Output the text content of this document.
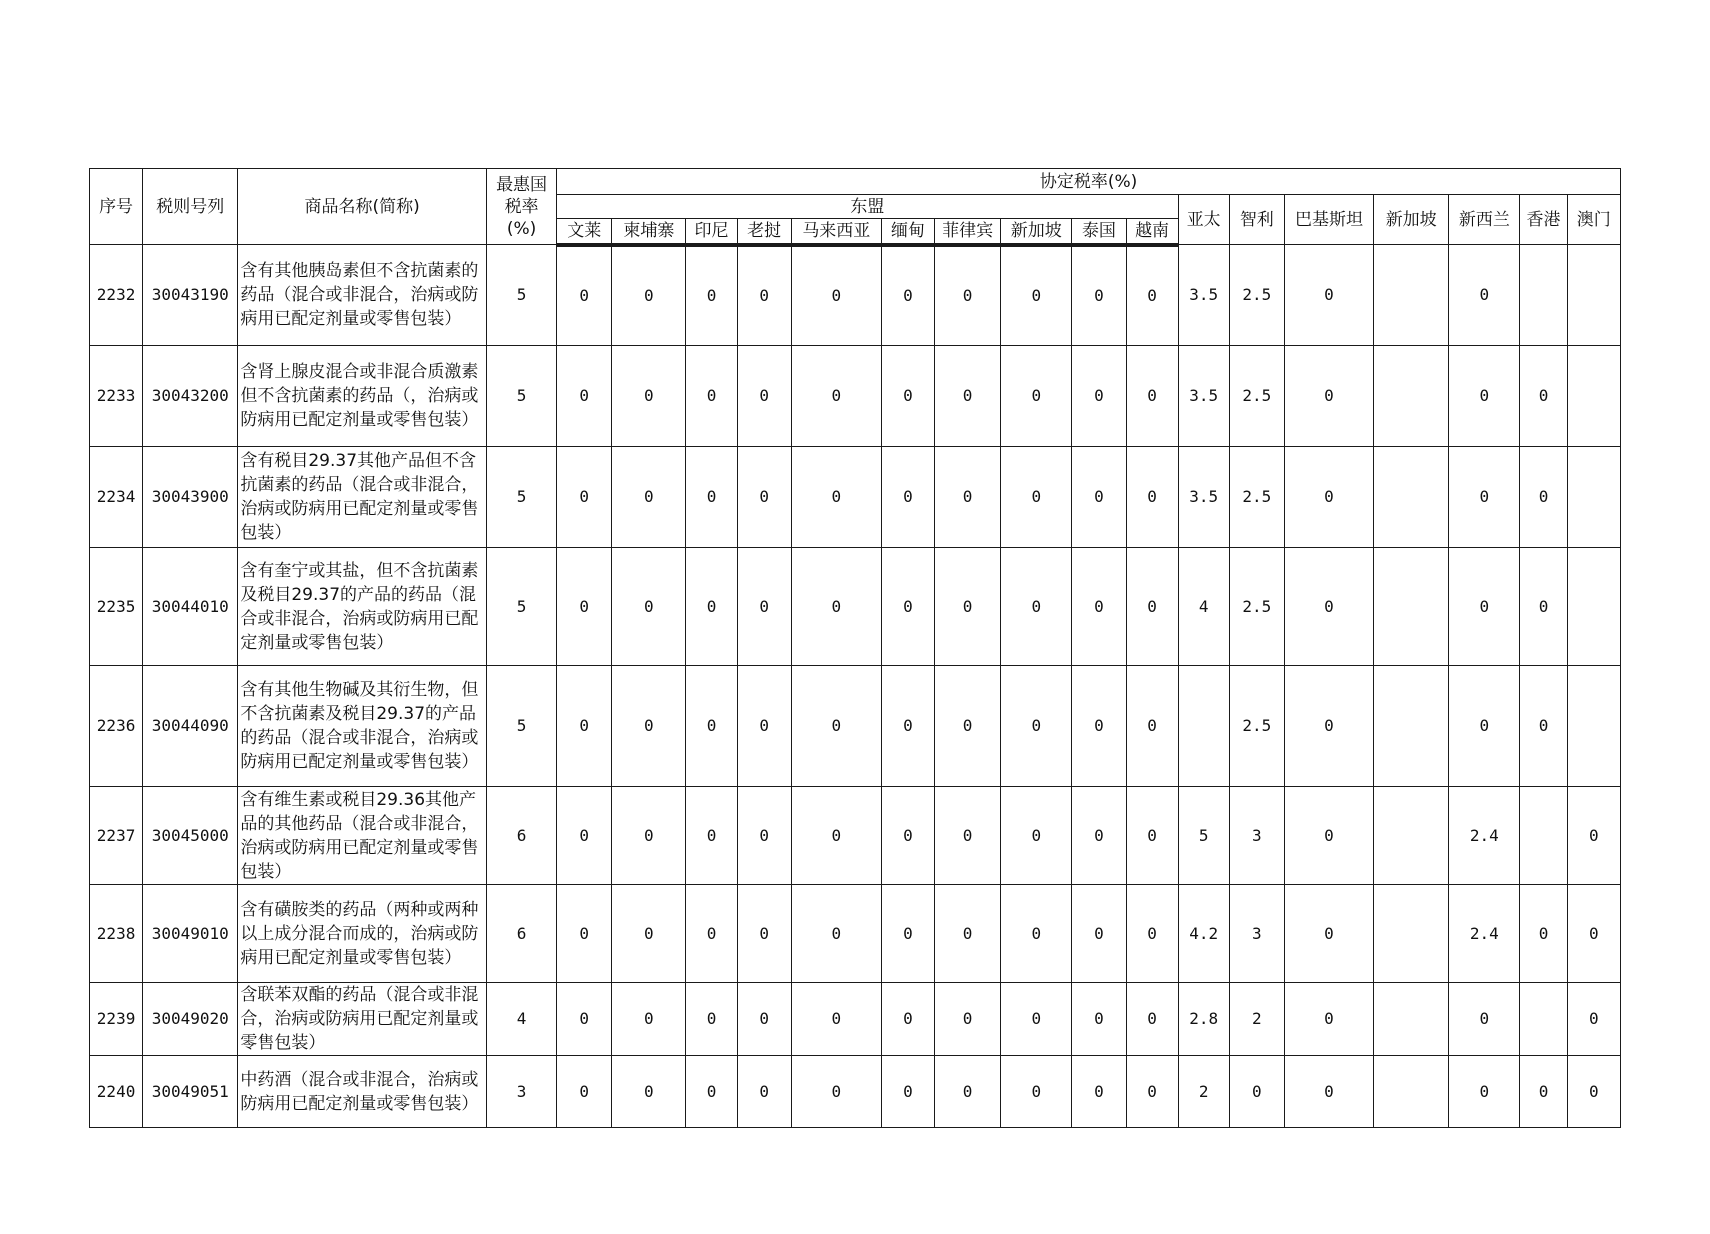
序号	税则号列	商品名称(简称)	最惠国税率(%)	协定税率(%)																
				东盟										亚太	智利	巴基斯坦	新加坡	新西兰	香港	澳门
				文莱	柬埔寨	印尼	老挝	马来西亚	缅甸	菲律宾	新加坡	泰国	越南							
2232	30043190	含有其他胰岛素但不含抗菌素的药品（混合或非混合，治病或防病用已配定剂量或零售包装）	5	0	0	0	0	0	0	0	0	0	0	3.5	2.5	0		0		
2233	30043200	含肾上腺皮混合或非混合质激素但不含抗菌素的药品（，治病或防病用已配定剂量或零售包装）	5	0	0	0	0	0	0	0	0	0	0	3.5	2.5	0		0	0	
2234	30043900	含有税目29.37其他产品但不含抗菌素的药品（混合或非混合，治病或防病用已配定剂量或零售包装）	5	0	0	0	0	0	0	0	0	0	0	3.5	2.5	0		0	0	
2235	30044010	含有奎宁或其盐，但不含抗菌素及税目29.37的产品的药品（混合或非混合，治病或防病用已配定剂量或零售包装）	5	0	0	0	0	0	0	0	0	0	0	4	2.5	0		0	0	
2236	30044090	含有其他生物碱及其衍生物，但不含抗菌素及税目29.37的产品的药品（混合或非混合，治病或防病用已配定剂量或零售包装）	5	0	0	0	0	0	0	0	0	0	0		2.5	0		0	0	
2237	30045000	含有维生素或税目29.36其他产品的其他药品（混合或非混合，治病或防病用已配定剂量或零售包装）	6	0	0	0	0	0	0	0	0	0	0	5	3	0		2.4		0
2238	30049010	含有磺胺类的药品（两种或两种以上成分混合而成的，治病或防病用已配定剂量或零售包装）	6	0	0	0	0	0	0	0	0	0	0	4.2	3	0		2.4	0	0
2239	30049020	含联苯双酯的药品（混合或非混合，治病或防病用已配定剂量或零售包装）	4	0	0	0	0	0	0	0	0	0	0	2.8	2	0		0		0
2240	30049051	中药酒（混合或非混合，治病或防病用已配定剂量或零售包装）	3	0	0	0	0	0	0	0	0	0	0	2	0	0		0	0	0
